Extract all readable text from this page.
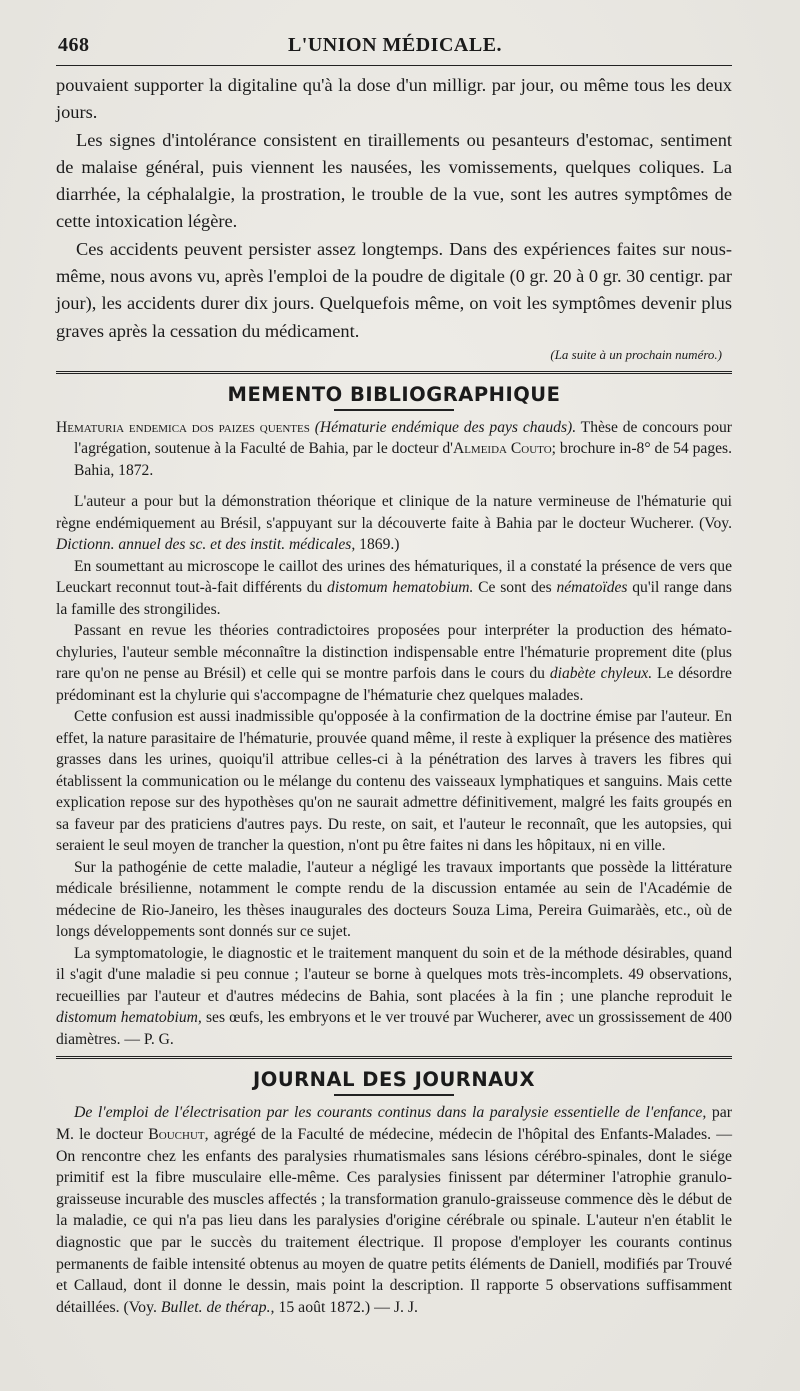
468	L'UNION MÉDICALE.

pouvaient supporter la digitaline qu'à la dose d'un milligr. par jour, ou même tous les deux jours.

Les signes d'intolérance consistent en tiraillements ou pesanteurs d'estomac, sentiment de malaise général, puis viennent les nausées, les vomissements, quelques coliques. La diarrhée, la céphalalgie, la prostration, le trouble de la vue, sont les autres symptômes de cette intoxication légère.

Ces accidents peuvent persister assez longtemps. Dans des expériences faites sur nous-même, nous avons vu, après l'emploi de la poudre de digitale (0 gr. 20 à 0 gr. 30 centigr. par jour), les accidents durer dix jours. Quelquefois même, on voit les symptômes devenir plus graves après la cessation du médicament.

(La suite à un prochain numéro.)
MEMENTO BIBLIOGRAPHIQUE

Hematuria endemica dos paizes quentes (Hématurie endémique des pays chauds). Thèse de concours pour l'agrégation, soutenue à la Faculté de Bahia, par le docteur d'Almeida Couto; brochure in-8° de 54 pages. Bahia, 1872.

L'auteur a pour but la démonstration théorique et clinique de la nature vermineuse de l'hématurie qui règne endémiquement au Brésil, s'appuyant sur la découverte faite à Bahia par le docteur Wucherer. (Voy. Dictionn. annuel des sc. et des instit. médicales, 1869.)

En soumettant au microscope le caillot des urines des hématuriques, il a constaté la présence de vers que Leuckart reconnut tout-à-fait différents du distomum hematobium. Ce sont des nématoïdes qu'il range dans la famille des strongilides.

Passant en revue les théories contradictoires proposées pour interpréter la production des hémato-chyluries, l'auteur semble méconnaître la distinction indispensable entre l'hématurie proprement dite (plus rare qu'on ne pense au Brésil) et celle qui se montre parfois dans le cours du diabète chyleux. Le désordre prédominant est la chylurie qui s'accompagne de l'hématurie chez quelques malades.

Cette confusion est aussi inadmissible qu'opposée à la confirmation de la doctrine émise par l'auteur. En effet, la nature parasitaire de l'hématurie, prouvée quand même, il reste à expliquer la présence des matières grasses dans les urines, quoiqu'il attribue celles-ci à la pénétration des larves à travers les fibres qui établissent la communication ou le mélange du contenu des vaisseaux lymphatiques et sanguins. Mais cette explication repose sur des hypothèses qu'on ne saurait admettre définitivement, malgré les faits groupés en sa faveur par des praticiens d'autres pays. Du reste, on sait, et l'auteur le reconnaît, que les autopsies, qui seraient le seul moyen de trancher la question, n'ont pu être faites ni dans les hôpitaux, ni en ville.

Sur la pathogénie de cette maladie, l'auteur a négligé les travaux importants que possède la littérature médicale brésilienne, notamment le compte rendu de la discussion entamée au sein de l'Académie de médecine de Rio-Janeiro, les thèses inaugurales des docteurs Souza Lima, Pereira Guimaràès, etc., où de longs développements sont donnés sur ce sujet.

La symptomatologie, le diagnostic et le traitement manquent du soin et de la méthode désirables, quand il s'agit d'une maladie si peu connue ; l'auteur se borne à quelques mots très-incomplets. 49 observations, recueillies par l'auteur et d'autres médecins de Bahia, sont placées à la fin ; une planche reproduit le distomum hematobium, ses œufs, les embryons et le ver trouvé par Wucherer, avec un grossissement de 400 diamètres. — P. G.

JOURNAL DES JOURNAUX

De l'emploi de l'électrisation par les courants continus dans la paralysie essentielle de l'enfance, par M. le docteur Bouchut, agrégé de la Faculté de médecine, médecin de l'hôpital des Enfants-Malades. — On rencontre chez les enfants des paralysies rhumatismales sans lésions cérébro-spinales, dont le siége primitif est la fibre musculaire elle-même. Ces paralysies finissent par déterminer l'atrophie granulo-graisseuse incurable des muscles affectés ; la transformation granulo-graisseuse commence dès le début de la maladie, ce qui n'a pas lieu dans les paralysies d'origine cérébrale ou spinale. L'auteur n'en établit le diagnostic que par le succès du traitement électrique. Il propose d'employer les courants continus permanents de faible intensité obtenus au moyen de quatre petits éléments de Daniell, modifiés par Trouvé et Callaud, dont il donne le dessin, mais point la description. Il rapporte 5 observations suffisamment détaillées. (Voy. Bullet. de thérap., 15 août 1872.) — J. J.
